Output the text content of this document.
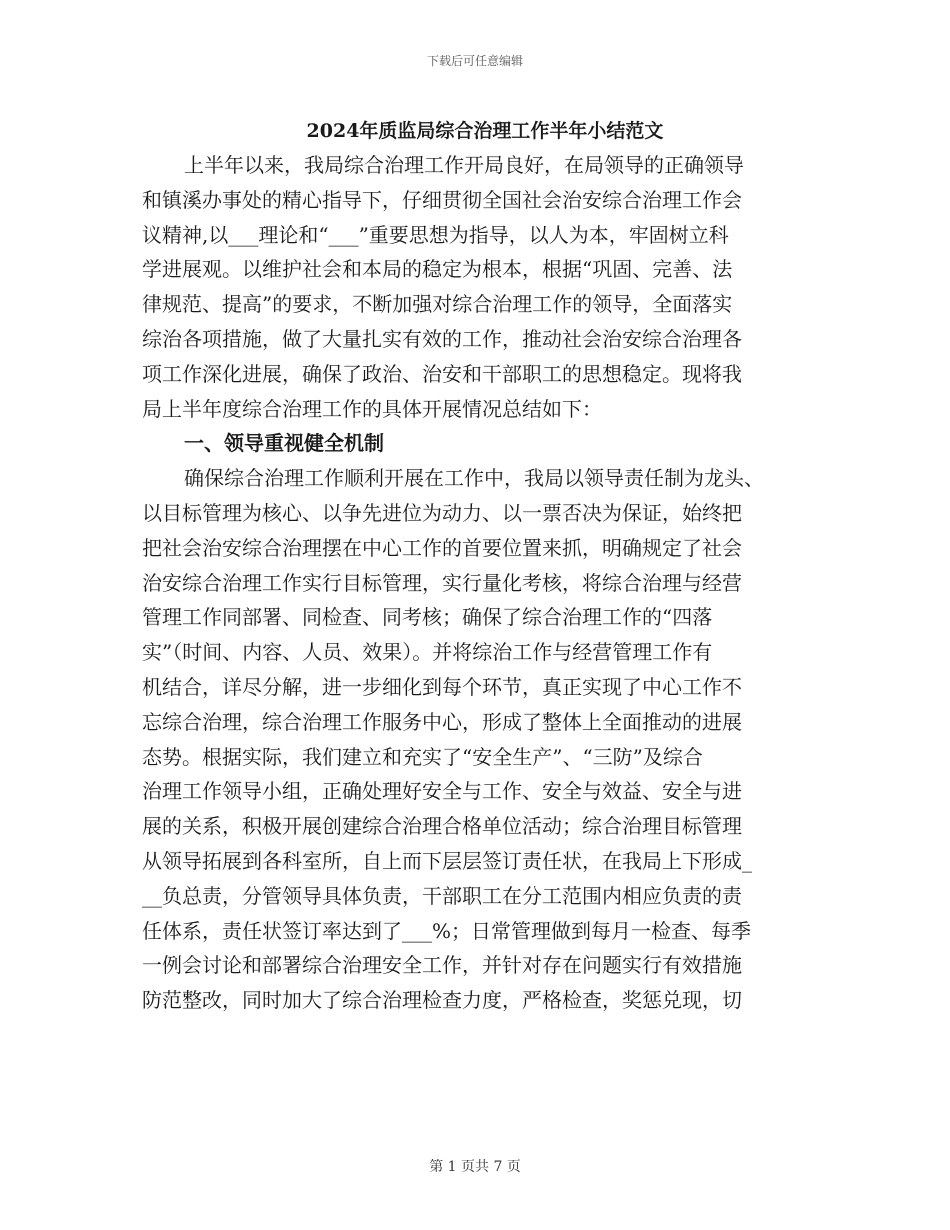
下载后可任意编辑
2024年质监局综合治理工作半年小结范文
上半年以来，我局综合治理工作开局良好，在局领导的正确领导
和镇溪办事处的精心指导下，仔细贯彻全国社会治安综合治理工作会
议精神,以___理论和“___”重要思想为指导，以人为本，牢固树立科
学进展观。以维护社会和本局的稳定为根本，根据“巩固、完善、法
律规范、提高”的要求，不断加强对综合治理工作的领导，全面落实
综治各项措施，做了大量扎实有效的工作，推动社会治安综合治理各
项工作深化进展，确保了政治、治安和干部职工的思想稳定。现将我
局上半年度综合治理工作的具体开展情况总结如下：
一、领导重视健全机制
确保综合治理工作顺利开展在工作中，我局以领导责任制为龙头、
以目标管理为核心、以争先进位为动力、以一票否决为保证，始终把
把社会治安综合治理摆在中心工作的首要位置来抓，明确规定了社会
治安综合治理工作实行目标管理，实行量化考核，将综合治理与经营
管理工作同部署、同检查、同考核；确保了综合治理工作的“四落
实”（时间、内容、人员、效果）。并将综治工作与经营管理工作有
机结合，详尽分解，进一步细化到每个环节，真正实现了中心工作不
忘综合治理，综合治理工作服务中心，形成了整体上全面推动的进展
态势。根据实际，我们建立和充实了“安全生产”、“三防”及综合
治理工作领导小组，正确处理好安全与工作、安全与效益、安全与进
展的关系，积极开展创建综合治理合格单位活动；综合治理目标管理
从领导拓展到各科室所，自上而下层层签订责任状，在我局上下形成_
__负总责，分管领导具体负责，干部职工在分工范围内相应负责的责
任体系，责任状签订率达到了___%；日常管理做到每月一检查、每季
一例会讨论和部署综合治理安全工作，并针对存在问题实行有效措施
防范整改，同时加大了综合治理检查力度，严格检查，奖惩兑现，切
第 1 页共 7 页
